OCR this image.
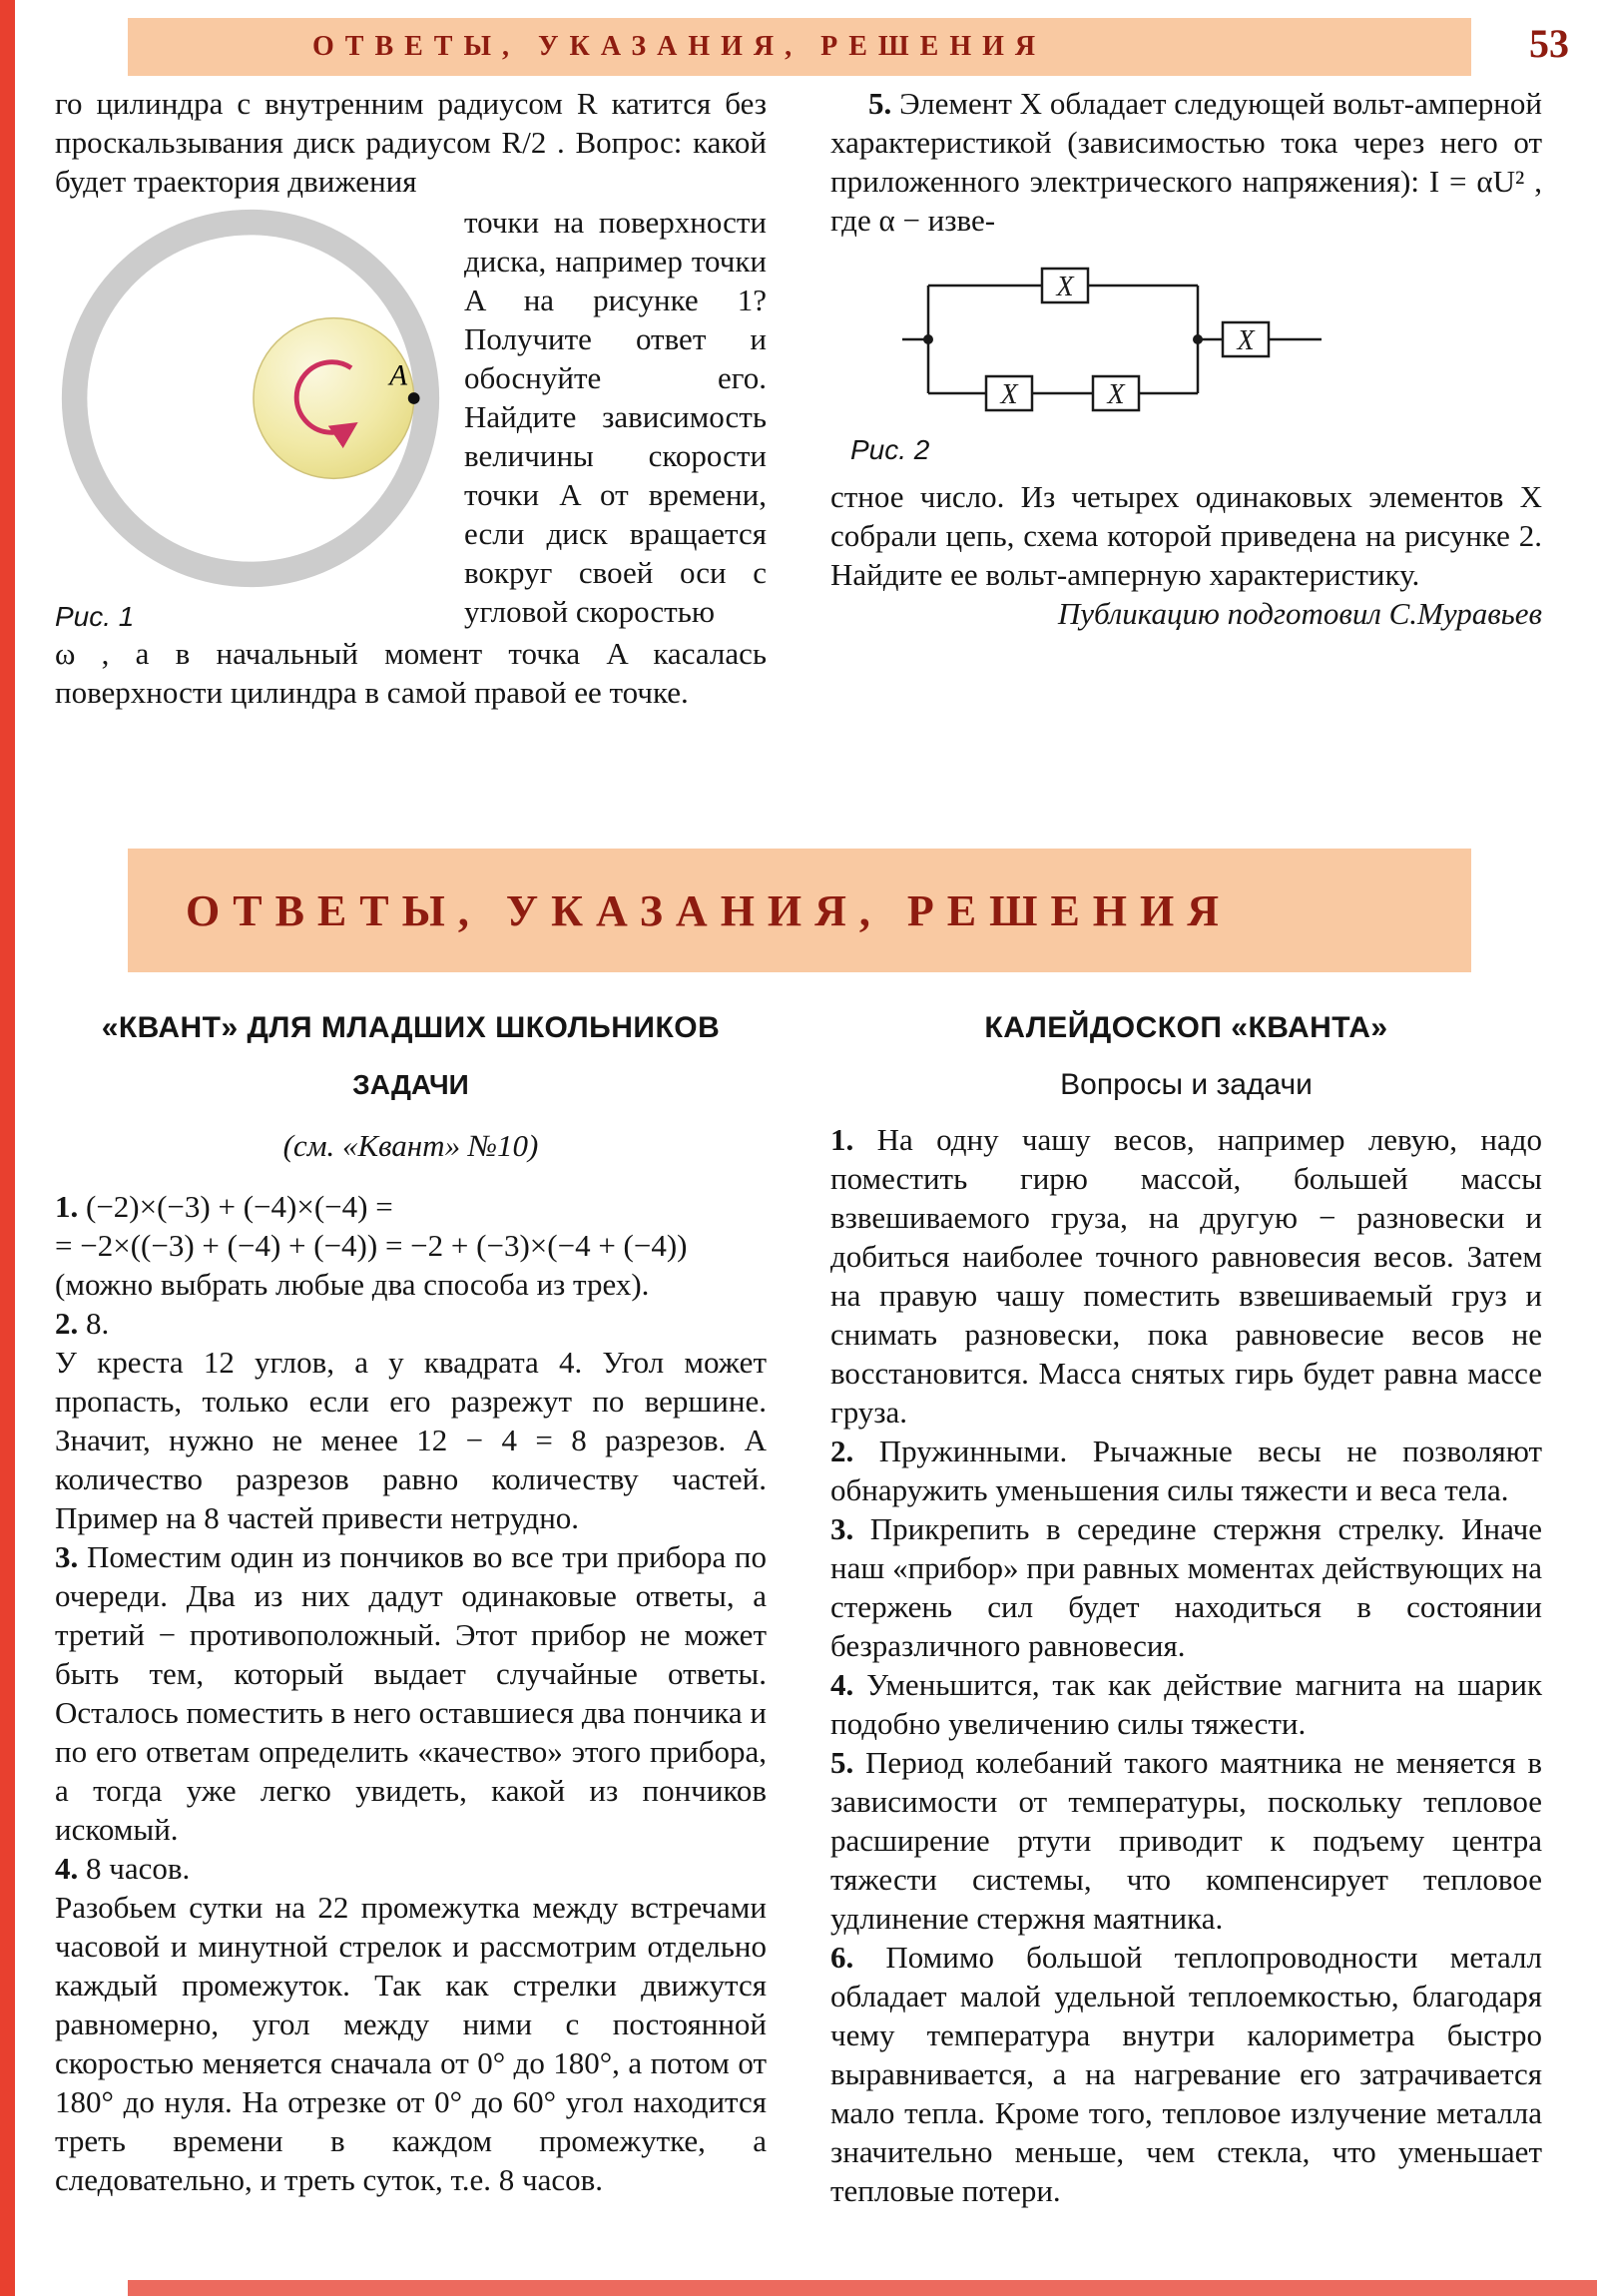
ОТВЕТЫ, УКАЗАНИЯ, РЕШЕНИЯ	53

го цилиндра с внутренним радиусом R катится без проскальзывания диск радиусом R/2 . Вопрос: какой будет траектория движения

A
Рис. 1

точки на поверхности диска, например точки A на рисунке 1? Получите ответ и обоснуйте его. Найдите зависимость величины скорости точки A от времени, если диск вращается вокруг своей оси с угловой скоростью

ω , а в начальный момент точка A касалась поверхности цилиндра в самой правой ее точке.

5. Элемент X обладает следующей вольт-амперной характеристикой (зависимостью тока через него от приложенного электрического напряжения): I = αU² , где α − изве-

X
X	X
X
Рис. 2

стное число. Из четырех одинаковых элементов X собрали цепь, схема которой приведена на рисунке 2. Найдите ее вольт-амперную характеристику.

Публикацию подготовил С.Муравьев

ОТВЕТЫ, УКАЗАНИЯ, РЕШЕНИЯ
«КВАНТ» ДЛЯ МЛАДШИХ ШКОЛЬНИКОВ
ЗАДАЧИ

(см. «Квант» №10)

1. (−2)×(−3) + (−4)×(−4) =
= −2×((−3) + (−4) + (−4)) = −2 + (−3)×(−4 + (−4))
(можно выбрать любые два способа из трех).

2. 8.

У креста 12 углов, а у квадрата 4. Угол может пропасть, только если его разрежут по вершине. Значит, нужно не менее 12 − 4 = 8 разрезов. А количество разрезов равно количеству частей. Пример на 8 частей привести нетрудно.

3. Поместим один из пончиков во все три прибора по очереди. Два из них дадут одинаковые ответы, а третий − противоположный. Этот прибор не может быть тем, который выдает случайные ответы. Осталось поместить в него оставшиеся два пончика и по его ответам определить «качество» этого прибора, а тогда уже легко увидеть, какой из пончиков искомый.

4. 8 часов.

Разобьем сутки на 22 промежутка между встречами часовой и минутной стрелок и рассмотрим отдельно каждый промежуток. Так как стрелки движутся равномерно, угол между ними с постоянной скоростью меняется сначала от 0° до 180°, а потом от 180° до нуля. На отрезке от 0° до 60° угол находится треть времени в каждом промежутке, а следовательно, и треть суток, т.е. 8 часов.

КАЛЕЙДОСКОП «КВАНТА»
Вопросы и задачи

1. На одну чашу весов, например левую, надо поместить гирю массой, большей массы взвешиваемого груза, на другую − разновески и добиться наиболее точного равновесия весов. Затем на правую чашу поместить взвешиваемый груз и снимать разновески, пока равновесие весов не восстановится. Масса снятых гирь будет равна массе груза.

2. Пружинными. Рычажные весы не позволяют обнаружить уменьшения силы тяжести и веса тела.

3. Прикрепить в середине стержня стрелку. Иначе наш «прибор» при равных моментах действующих на стержень сил будет находиться в состоянии безразличного равновесия.

4. Уменьшится, так как действие магнита на шарик подобно увеличению силы тяжести.

5. Период колебаний такого маятника не меняется в зависимости от температуры, поскольку тепловое расширение ртути приводит к подъему центра тяжести системы, что компенсирует тепловое удлинение стержня маятника.

6. Помимо большой теплопроводности металл обладает малой удельной теплоемкостью, благодаря чему температура внутри калориметра быстро выравнивается, а на нагревание его затрачивается мало тепла. Кроме того, тепловое излучение металла значительно меньше, чем стекла, что уменьшает тепловые потери.
